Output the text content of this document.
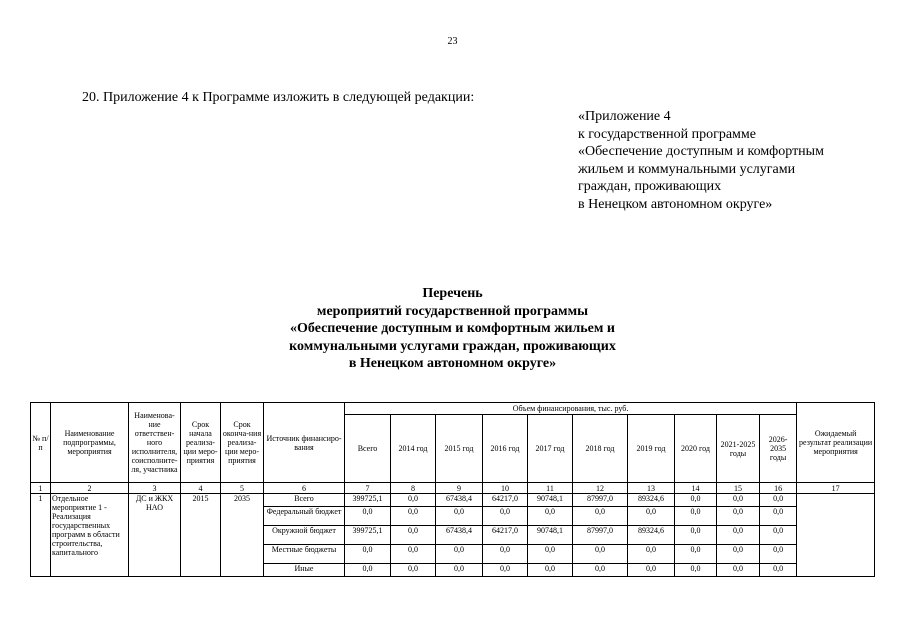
23
20. Приложение 4 к Программе изложить в следующей редакции:
«Приложение 4
к государственной программе
«Обеспечение доступным и комфортным
жильем и коммунальными услугами
граждан, проживающих
в Ненецком автономном округе»
Перечень
мероприятий государственной программы
«Обеспечение доступным и комфортным жильем и
коммунальными услугами граждан, проживающих
в Ненецком автономном округе»
№ п/п	Наименование подпрограммы, мероприятия	Наименова-ние ответствен-ного исполнителя, соисполните-ля, участника	Срок начала реализа-ции меро-приятия	Срок оконча-ния реализа-ции меро-приятия	Источник финансиро-вания	Объем финансирования, тыс. руб.										Ожидаемый результат реализации мероприятия
						Всего	2014 год	2015 год	2016 год	2017 год	2018 год	2019 год	2020 год	2021-2025 годы	2026-2035 годы	
1	2	3	4	5	6	7	8	9	10	11	12	13	14	15	16	17
1	Отдельное мероприятие 1 - Реализация государственных программ в области строительства, капитального	ДС и ЖКХ НАО	2015	2035	Всего	399725,1	0,0	67438,4	64217,0	90748,1	87997,0	89324,6	0,0	0,0	0,0	
					Федеральный бюджет	0,0	0,0	0,0	0,0	0,0	0,0	0,0	0,0	0,0	0,0	
					Окружной бюджет	399725,1	0,0	67438,4	64217,0	90748,1	87997,0	89324,6	0,0	0,0	0,0	
					Местные бюджеты	0,0	0,0	0,0	0,0	0,0	0,0	0,0	0,0	0,0	0,0	
					Иные	0,0	0,0	0,0	0,0	0,0	0,0	0,0	0,0	0,0	0,0	
